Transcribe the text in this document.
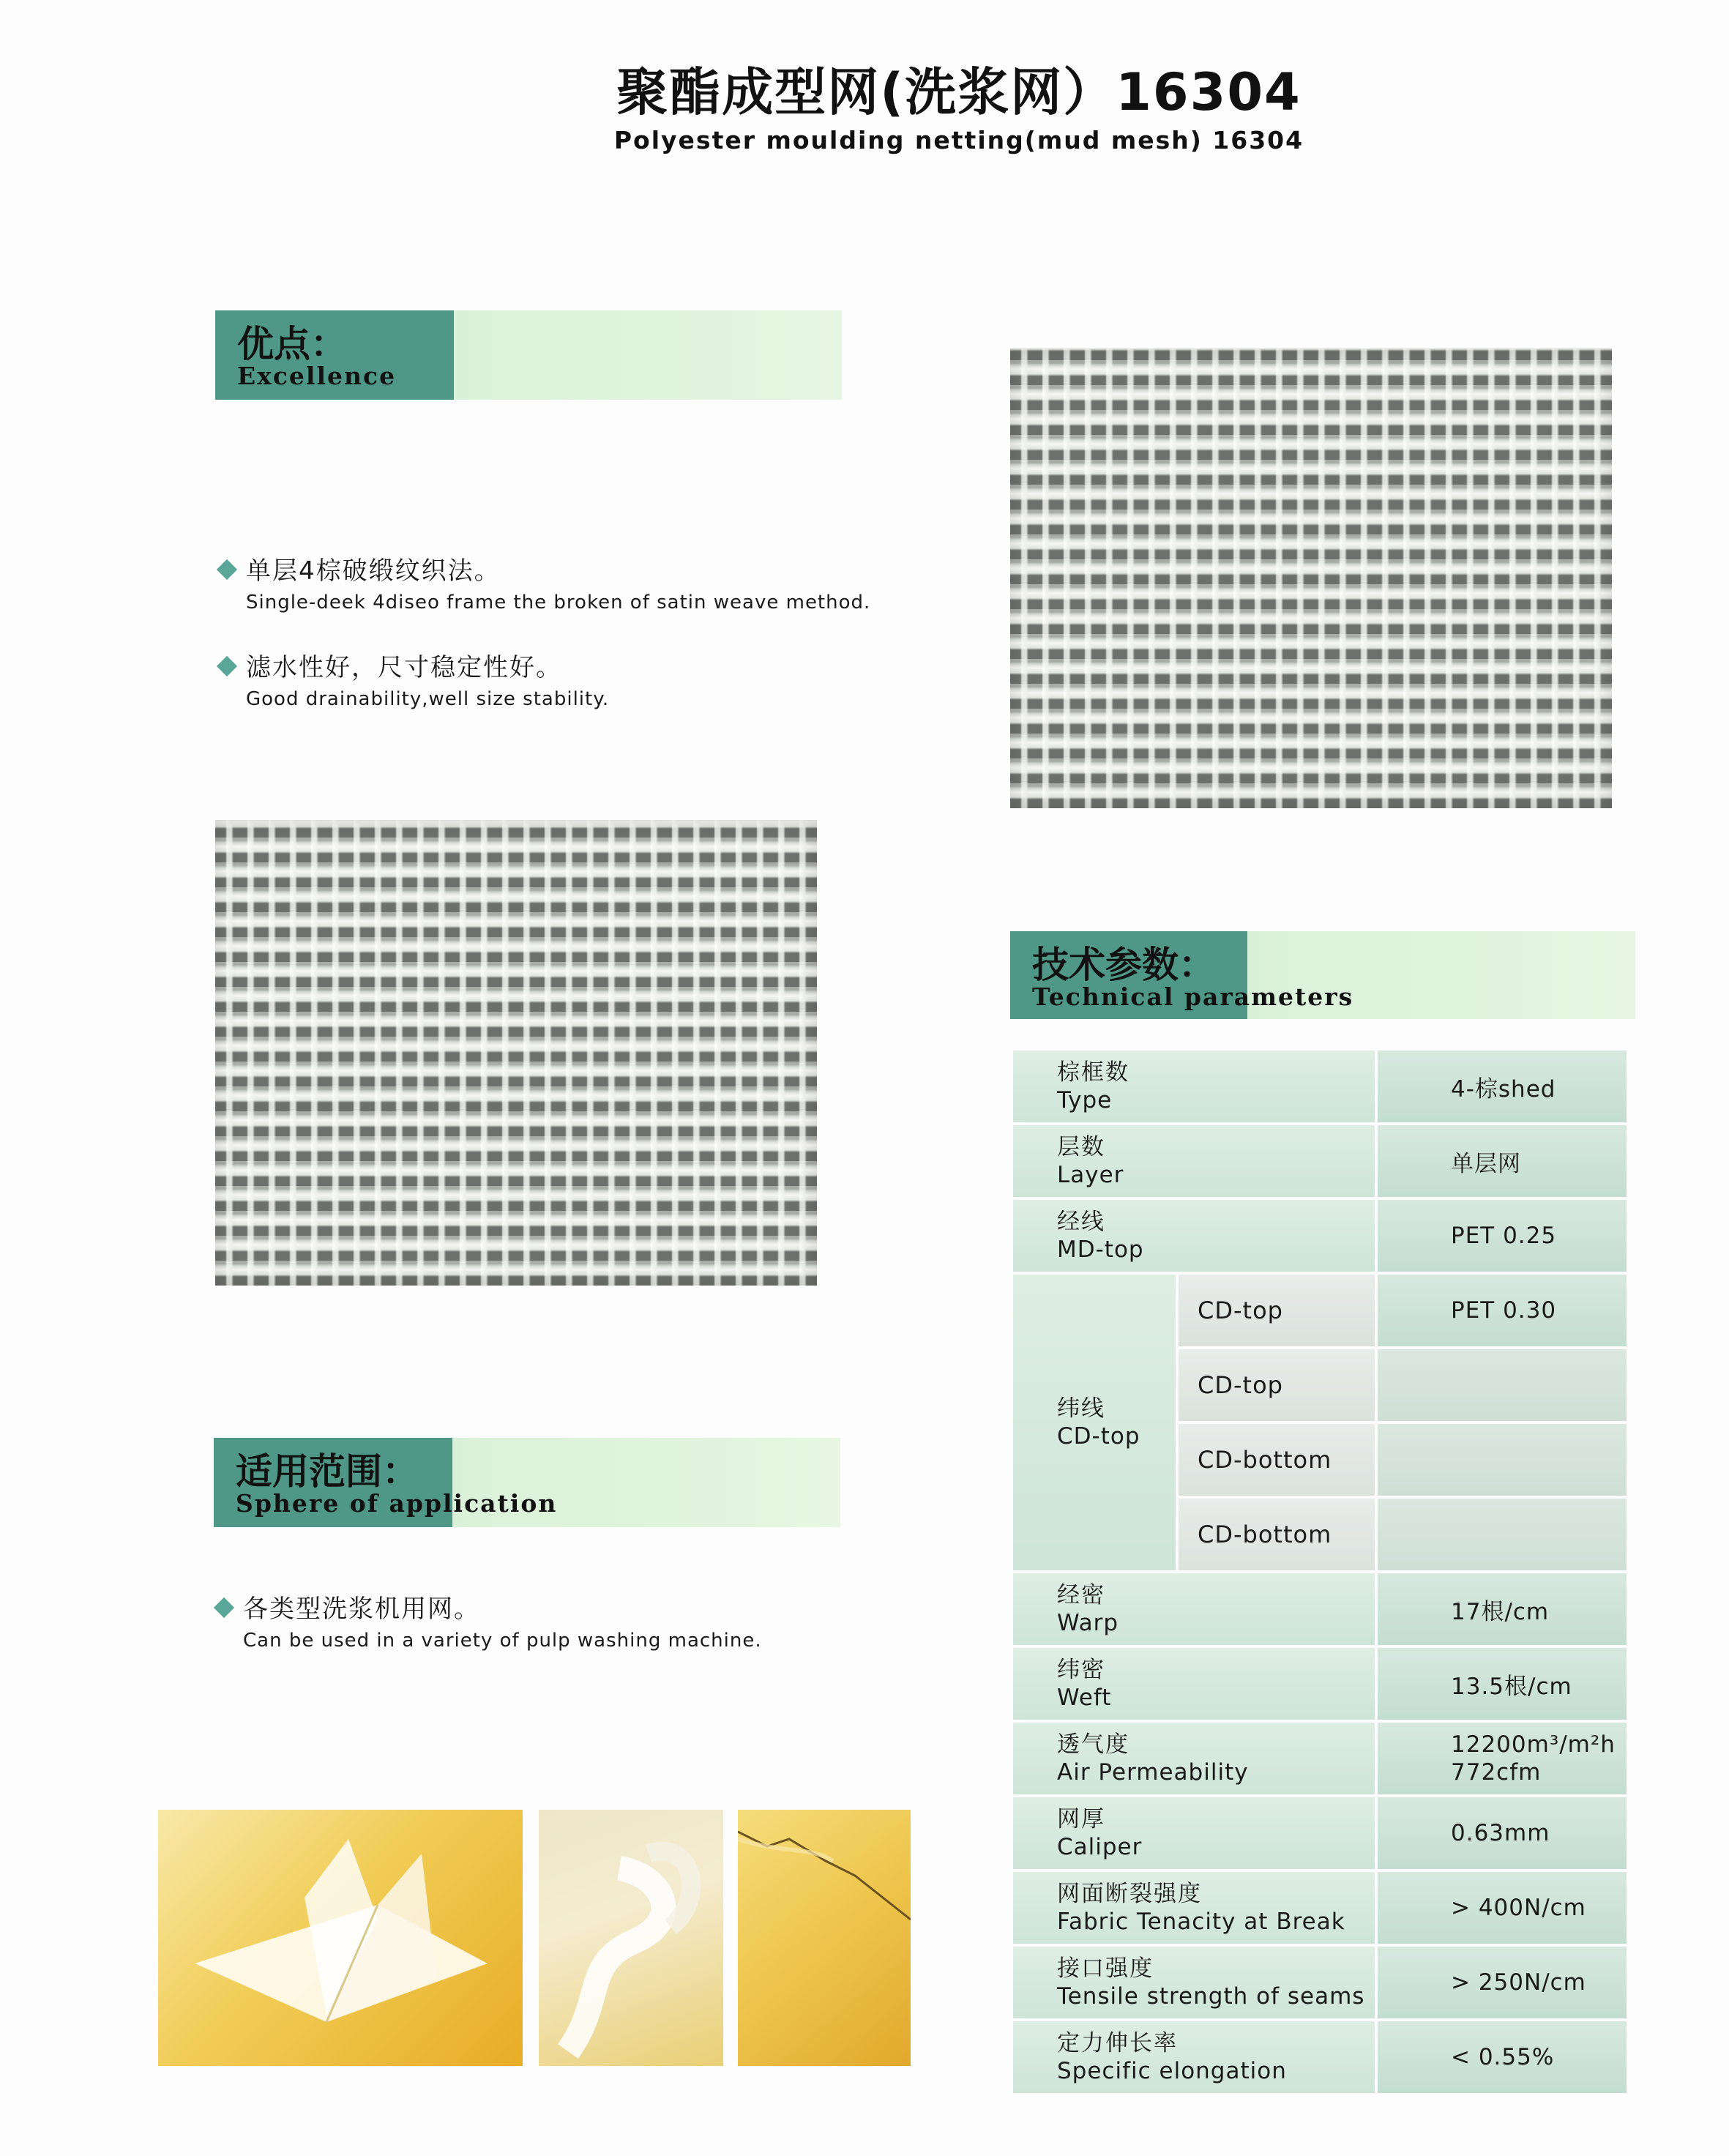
聚酯成型网(洗浆网）16304
Polyester moulding netting(mud mesh) 16304
优点：
Excellence
单层4棕破缎纹织法。
Single-deek 4diseo frame the broken of satin weave method.
滤水性好，尺寸稳定性好。
Good drainability,well size stability.
技术参数：
Technical parameters
适用范围：
Sphere of application
各类型洗浆机用网。
Can be used in a variety of pulp washing machine.
棕框数
Type		4-棕shed

层数
Layer		单层网

经线
MD-top		PET 0.25

纬线
CD-top	CD-top	PET 0.30
	CD-top	
	CD-bottom	
	CD-bottom	

经密
Warp		17根/cm

纬密
Weft		13.5根/cm

透气度
Air Permeability		12200m³/m²h
772cfm

网厚
Caliper		0.63mm

网面断裂强度
Fabric Tenacity at Break		> 400N/cm

接口强度
Tensile strength of seams		> 250N/cm

定力伸长率
Specific elongation		< 0.55%
